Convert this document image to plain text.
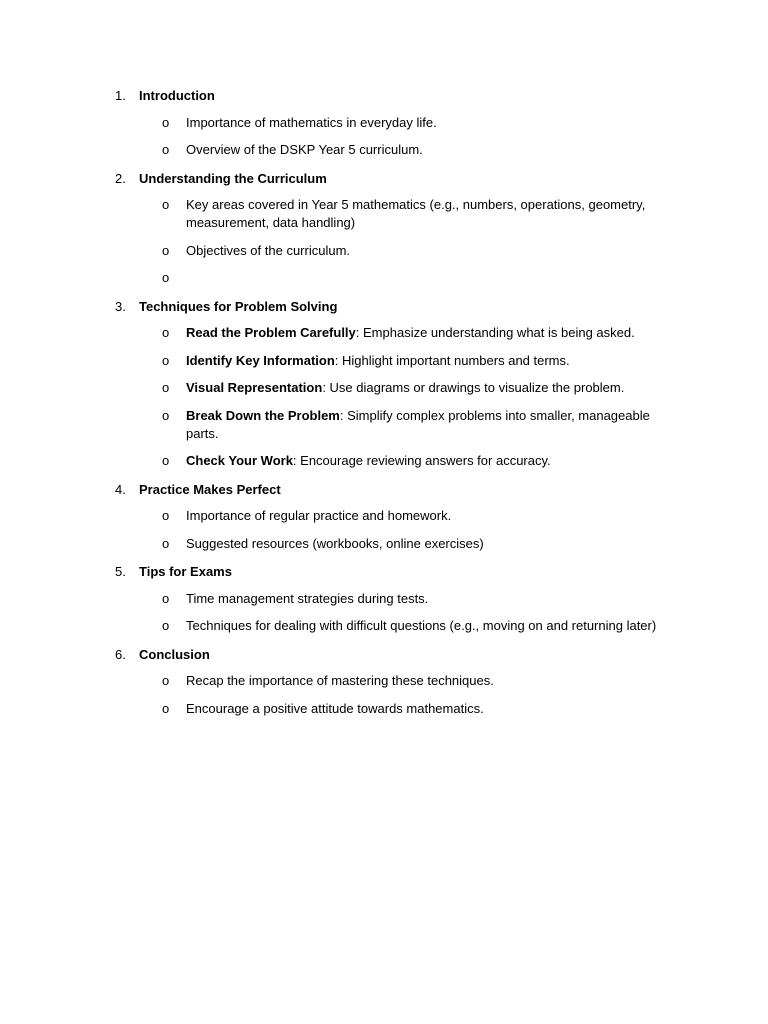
1.	Introduction
o Importance of mathematics in everyday life.
o Overview of the DSKP Year 5 curriculum.
2.	Understanding the Curriculum
o Key areas covered in Year 5 mathematics (e.g., numbers, operations, geometry, measurement, data handling)
o Objectives of the curriculum.
o
3.	Techniques for Problem Solving
o Read the Problem Carefully: Emphasize understanding what is being asked.
o Identify Key Information: Highlight important numbers and terms.
o Visual Representation: Use diagrams or drawings to visualize the problem.
o Break Down the Problem: Simplify complex problems into smaller, manageable parts.
o Check Your Work: Encourage reviewing answers for accuracy.
4.	Practice Makes Perfect
o Importance of regular practice and homework.
o Suggested resources (workbooks, online exercises)
5.	Tips for Exams
o Time management strategies during tests.
o Techniques for dealing with difficult questions (e.g., moving on and returning later)
6.	Conclusion
o Recap the importance of mastering these techniques.
o Encourage a positive attitude towards mathematics.
